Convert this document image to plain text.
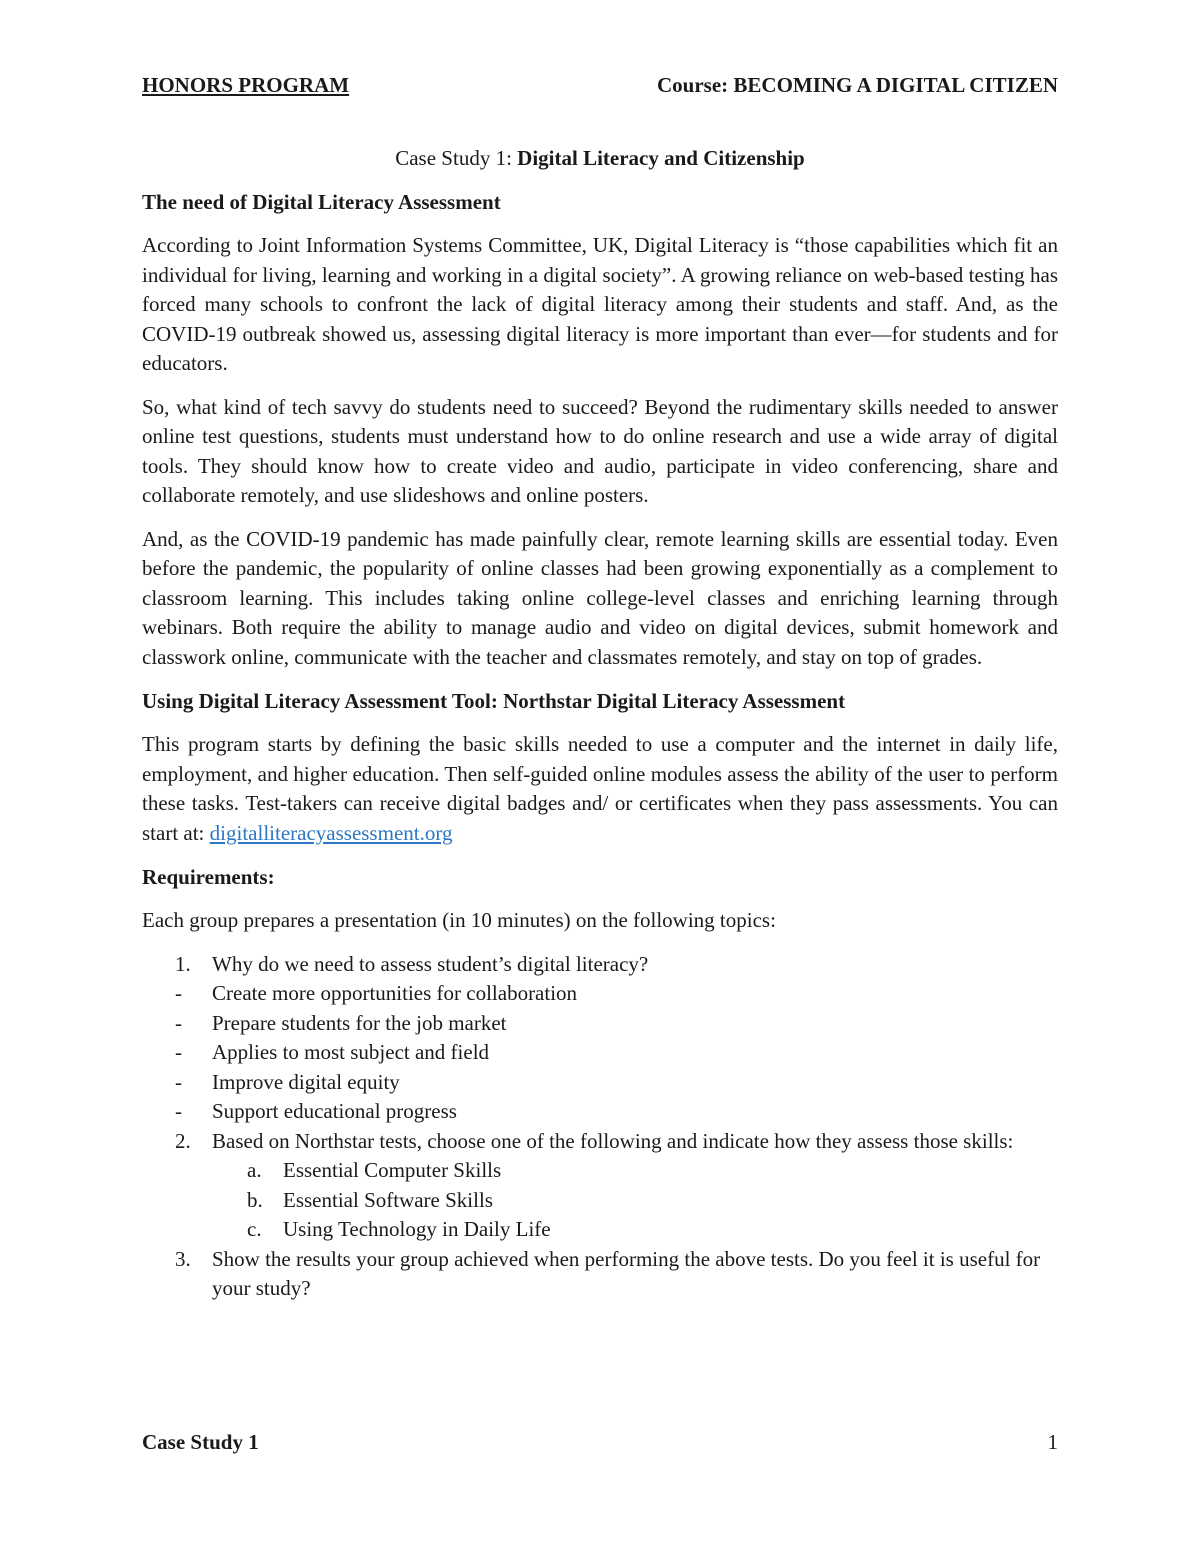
HONORS PROGRAM	Course: BECOMING A DIGITAL CITIZEN
Case Study 1: Digital Literacy and Citizenship
The need of Digital Literacy Assessment

According to Joint Information Systems Committee, UK, Digital Literacy is “those capabilities which fit an individual for living, learning and working in a digital society”. A growing reliance on web-based testing has forced many schools to confront the lack of digital literacy among their students and staff. And, as the COVID-19 outbreak showed us, assessing digital literacy is more important than ever—for students and for educators.

So, what kind of tech savvy do students need to succeed? Beyond the rudimentary skills needed to answer online test questions, students must understand how to do online research and use a wide array of digital tools. They should know how to create video and audio, participate in video conferencing, share and collaborate remotely, and use slideshows and online posters.

And, as the COVID-19 pandemic has made painfully clear, remote learning skills are essential today. Even before the pandemic, the popularity of online classes had been growing exponentially as a complement to classroom learning. This includes taking online college-level classes and enriching learning through webinars. Both require the ability to manage audio and video on digital devices, submit homework and classwork online, communicate with the teacher and classmates remotely, and stay on top of grades.

Using Digital Literacy Assessment Tool: Northstar Digital Literacy Assessment

This program starts by defining the basic skills needed to use a computer and the internet in daily life, employment, and higher education. Then self-guided online modules assess the ability of the user to perform these tasks. Test-takers can receive digital badges and/ or certificates when they pass assessments. You can start at: digitalliteracyassessment.org

Requirements:

Each group prepares a presentation (in 10 minutes) on the following topics:

1.	Why do we need to assess student’s digital literacy?
-	Create more opportunities for collaboration
-	Prepare students for the job market
-	Applies to most subject and field
-	Improve digital equity
-	Support educational progress
2.	Based on Northstar tests, choose one of the following and indicate how they assess those skills:
a.	Essential Computer Skills
b. Essential Software Skills
c.	Using Technology in Daily Life
3.	Show the results your group achieved when performing the above tests. Do you feel it is useful for your study?
Case Study 1	1
